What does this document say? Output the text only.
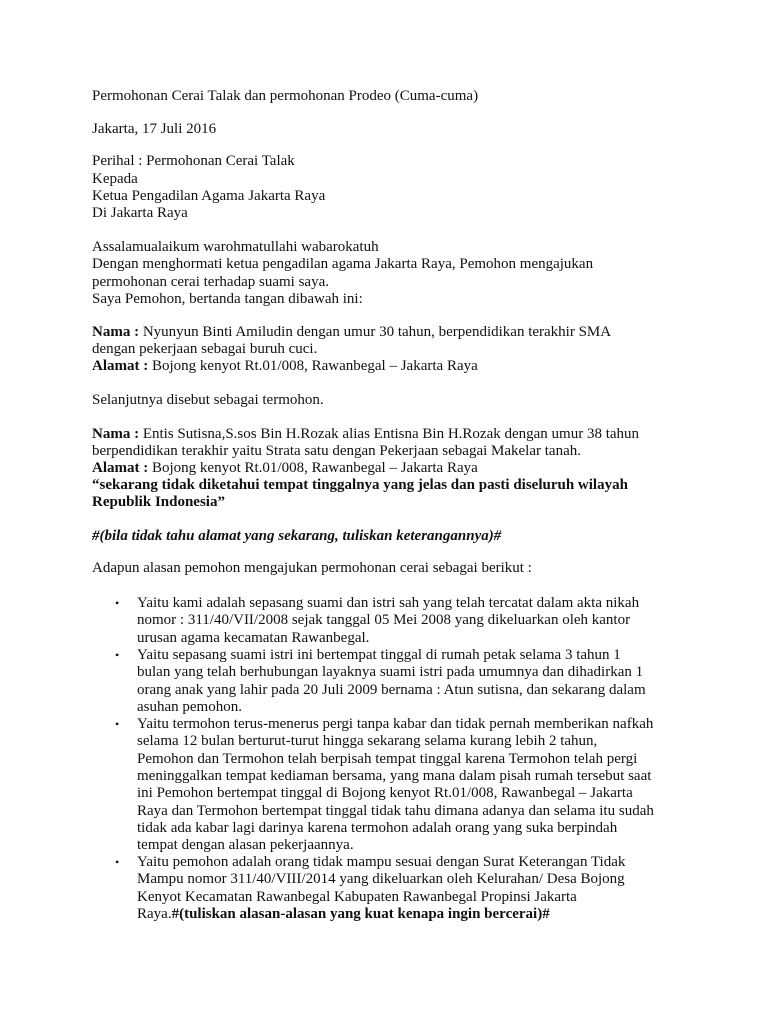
Permohonan Cerai Talak dan permohonan Prodeo (Cuma-cuma)
Jakarta, 17 Juli 2016
Perihal : Permohonan Cerai Talak
Kepada
Ketua Pengadilan Agama Jakarta Raya
Di Jakarta Raya
Assalamualaikum warohmatullahi wabarokatuh
Dengan menghormati ketua pengadilan agama Jakarta Raya, Pemohon mengajukan
permohonan cerai terhadap suami saya.
Saya Pemohon, bertanda tangan dibawah ini:
Nama : Nyunyun Binti Amiludin dengan umur 30 tahun, berpendidikan terakhir SMA
dengan pekerjaan sebagai buruh cuci.
Alamat : Bojong kenyot Rt.01/008, Rawanbegal – Jakarta Raya
Selanjutnya disebut sebagai termohon.
Nama : Entis Sutisna,S.sos Bin H.Rozak alias Entisna Bin H.Rozak dengan umur 38 tahun
berpendidikan terakhir yaitu Strata satu dengan Pekerjaan sebagai Makelar tanah.
Alamat : Bojong kenyot Rt.01/008, Rawanbegal – Jakarta Raya
“sekarang tidak diketahui tempat tinggalnya yang jelas dan pasti diseluruh wilayah
Republik Indonesia”
#(bila tidak tahu alamat yang sekarang, tuliskan keterangannya)#
Adapun alasan pemohon mengajukan permohonan cerai sebagai berikut :
• Yaitu kami adalah sepasang suami dan istri sah yang telah tercatat dalam akta nikah
nomor : 311/40/VII/2008 sejak tanggal 05 Mei 2008 yang dikeluarkan oleh kantor
urusan agama kecamatan Rawanbegal.
• Yaitu sepasang suami istri ini bertempat tinggal di rumah petak selama 3 tahun 1
bulan yang telah berhubungan layaknya suami istri pada umumnya dan dihadirkan 1
orang anak yang lahir pada 20 Juli 2009 bernama : Atun sutisna, dan sekarang dalam
asuhan pemohon.
• Yaitu termohon terus-menerus pergi tanpa kabar dan tidak pernah memberikan nafkah
selama 12 bulan berturut-turut hingga sekarang selama kurang lebih 2 tahun,
Pemohon dan Termohon telah berpisah tempat tinggal karena Termohon telah pergi
meninggalkan tempat kediaman bersama, yang mana dalam pisah rumah tersebut saat
ini Pemohon bertempat tinggal di Bojong kenyot Rt.01/008, Rawanbegal – Jakarta
Raya dan Termohon bertempat tinggal tidak tahu dimana adanya dan selama itu sudah
tidak ada kabar lagi darinya karena termohon adalah orang yang suka berpindah
tempat dengan alasan pekerjaannya.
• Yaitu pemohon adalah orang tidak mampu sesuai dengan Surat Keterangan Tidak
Mampu nomor 311/40/VIII/2014 yang dikeluarkan oleh Kelurahan/ Desa Bojong
Kenyot Kecamatan Rawanbegal Kabupaten Rawanbegal Propinsi Jakarta
Raya.#(tuliskan alasan-alasan yang kuat kenapa ingin bercerai)#
